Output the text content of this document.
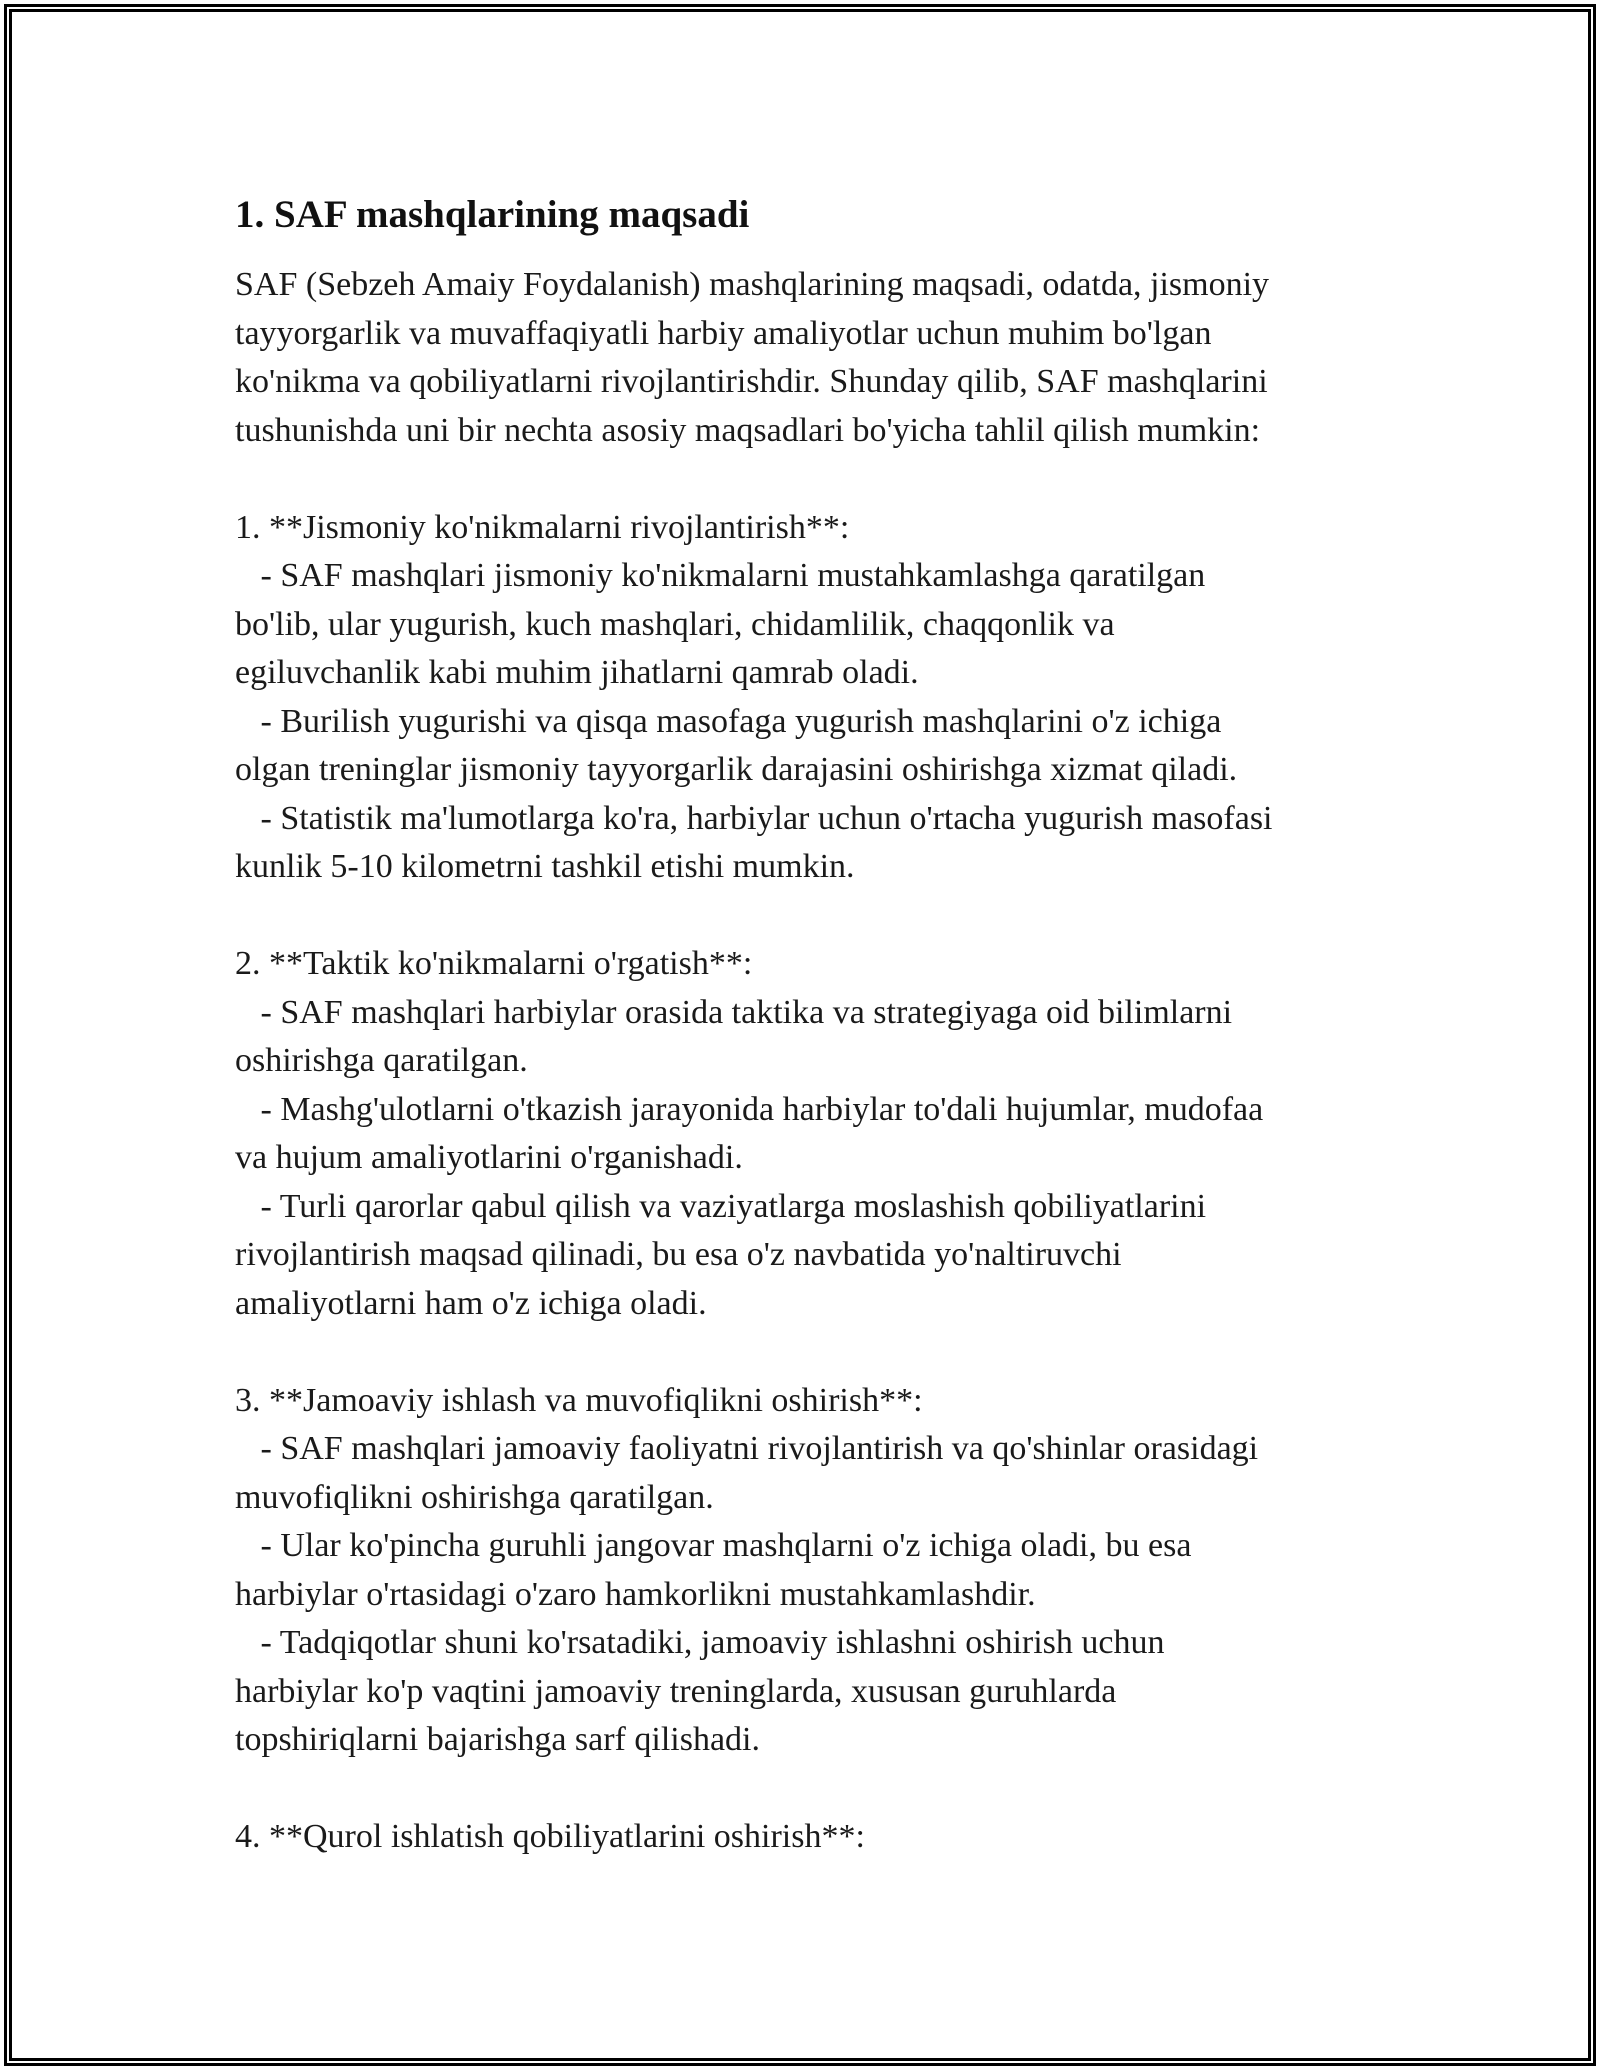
1. SAF mashqlarining maqsadi
SAF (Sebzeh Amaiy Foydalanish) mashqlarining maqsadi, odatda, jismoniy
tayyorgarlik va muvaffaqiyatli harbiy amaliyotlar uchun muhim bo'lgan
ko'nikma va qobiliyatlarni rivojlantirishdir. Shunday qilib, SAF mashqlarini
tushunishda uni bir nechta asosiy maqsadlari bo'yicha tahlil qilish mumkin:

1. **Jismoniy ko'nikmalarni rivojlantirish**:
- SAF mashqlari jismoniy ko'nikmalarni mustahkamlashga qaratilgan
bo'lib, ular yugurish, kuch mashqlari, chidamlilik, chaqqonlik va
egiluvchanlik kabi muhim jihatlarni qamrab oladi.
- Burilish yugurishi va qisqa masofaga yugurish mashqlarini o'z ichiga
olgan treninglar jismoniy tayyorgarlik darajasini oshirishga xizmat qiladi.
- Statistik ma'lumotlarga ko'ra, harbiylar uchun o'rtacha yugurish masofasi
kunlik 5-10 kilometrni tashkil etishi mumkin.

2. **Taktik ko'nikmalarni o'rgatish**:
- SAF mashqlari harbiylar orasida taktika va strategiyaga oid bilimlarni
oshirishga qaratilgan.
- Mashg'ulotlarni o'tkazish jarayonida harbiylar to'dali hujumlar, mudofaa
va hujum amaliyotlarini o'rganishadi.
- Turli qarorlar qabul qilish va vaziyatlarga moslashish qobiliyatlarini
rivojlantirish maqsad qilinadi, bu esa o'z navbatida yo'naltiruvchi
amaliyotlarni ham o'z ichiga oladi.

3. **Jamoaviy ishlash va muvofiqlikni oshirish**:
- SAF mashqlari jamoaviy faoliyatni rivojlantirish va qo'shinlar orasidagi
muvofiqlikni oshirishga qaratilgan.
- Ular ko'pincha guruhli jangovar mashqlarni o'z ichiga oladi, bu esa
harbiylar o'rtasidagi o'zaro hamkorlikni mustahkamlashdir.
- Tadqiqotlar shuni ko'rsatadiki, jamoaviy ishlashni oshirish uchun
harbiylar ko'p vaqtini jamoaviy treninglarda, xususan guruhlarda
topshiriqlarni bajarishga sarf qilishadi.

4. **Qurol ishlatish qobiliyatlarini oshirish**:
